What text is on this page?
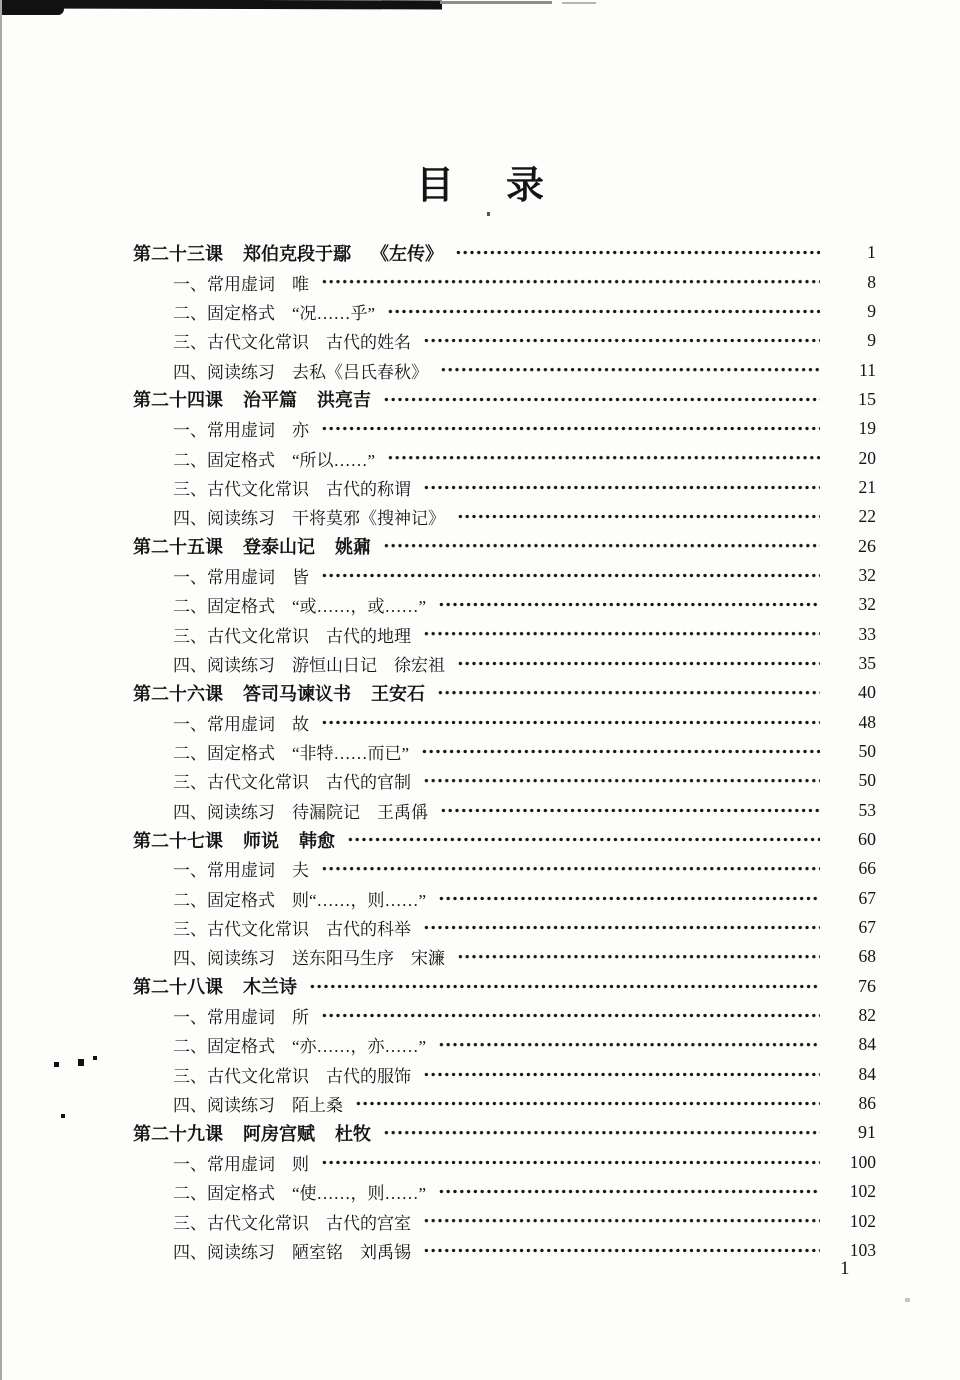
目 录
第二十三课 郑伯克段于鄢 《左传》	1
一、常用虚词 唯	8
二、固定格式 “况……乎”	9
三、古代文化常识 古代的姓名	9
四、阅读练习 去私《吕氏春秋》	11
第二十四课 治平篇 洪亮吉	15
一、常用虚词 亦	19
二、固定格式 “所以……”	20
三、古代文化常识 古代的称谓	21
四、阅读练习 干将莫邪《搜神记》	22
第二十五课 登泰山记 姚鼐	26
一、常用虚词 皆	32
二、固定格式 “或……，或……”	32
三、古代文化常识 古代的地理	33
四、阅读练习 游恒山日记 徐宏祖	35
第二十六课 答司马谏议书 王安石	40
一、常用虚词 故	48
二、固定格式 “非特……而已”	50
三、古代文化常识 古代的官制	50
四、阅读练习 待漏院记 王禹偁	53
第二十七课 师说 韩愈	60
一、常用虚词 夫	66
二、固定格式 则“……，则……”	67
三、古代文化常识 古代的科举	67
四、阅读练习 送东阳马生序 宋濂	68
第二十八课 木兰诗	76
一、常用虚词 所	82
二、固定格式 “亦……，亦……”	84
三、古代文化常识 古代的服饰	84
四、阅读练习 陌上桑	86
第二十九课 阿房宫赋 杜牧	91
一、常用虚词 则	100
二、固定格式 “使……，则……”	102
三、古代文化常识 古代的宫室	102
四、阅读练习 陋室铭 刘禹锡	103
1
